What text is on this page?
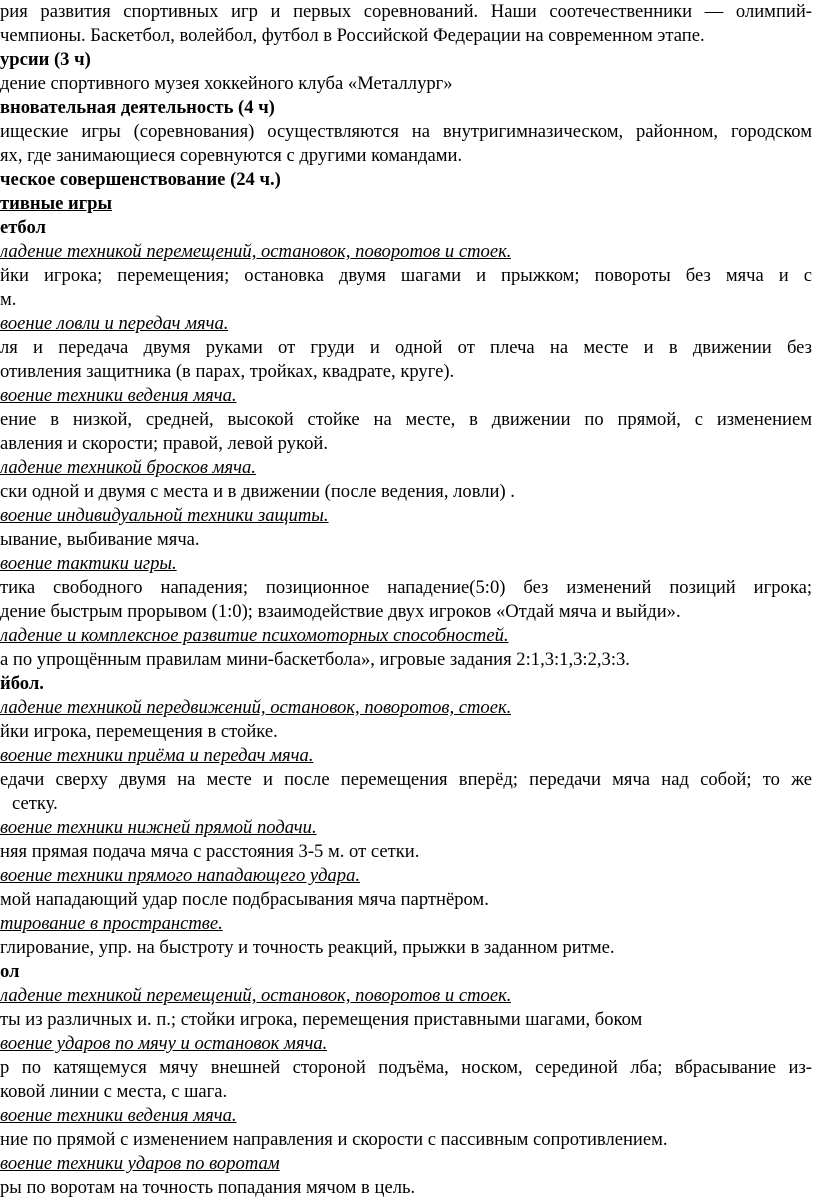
рия развития спортивных игр и первых соревнований. Наши соотечественники — олимпий-
чемпионы. Баскетбол, волейбол, футбол в Российской Федерации на современном этапе.
урсии (3 ч)
дение спортивного музея хоккейного клуба «Металлург»
вновательная деятельность (4 ч)
ищеские игры (соревнования) осуществляются на внутригимназическом, районном, городском
ях, где занимающиеся соревнуются с другими командами.
ческое совершенствование (24 ч.)
тивные игры
етбол
ладение техникой перемещений, остановок, поворотов и стоек.
йки игрока; перемещения; остановка двумя шагами и прыжком; повороты без мяча и с
м.
воение ловли и передач мяча.
ля и передача двумя руками от груди и одной от плеча на месте и в движении без
отивления защитника (в парах, тройках, квадрате, круге).
воение техники ведения мяча.
ение в низкой, средней, высокой стойке на месте, в движении по прямой, с изменением
авления и скорости; правой, левой рукой.
ладение техникой бросков мяча.
ски одной и двумя с места и в движении (после ведения, ловли) .
воение индивидуальной техники защиты.
ывание, выбивание мяча.
воение тактики игры.
тика свободного нападения; позиционное нападение(5:0) без изменений позиций игрока;
дение быстрым прорывом (1:0); взаимодействие двух игроков «Отдай мяча и выйди».
ладение и комплексное развитие психомоторных способностей.
а по упрощённым правилам мини-баскетбола», игровые задания 2:1,3:1,3:2,3:3.
йбол.
ладение техникой передвижений, остановок, поворотов, стоек.
йки игрока, перемещения в стойке.
воение техники приёма и передач мяча.
едачи сверху двумя на месте и после перемещения вперёд; передачи мяча над собой; то же
сетку.
воение техники нижней прямой подачи.
няя прямая подача мяча с расстояния 3-5 м. от сетки.
воение техники прямого нападающего удара.
мой нападающий удар после подбрасывания мяча партнёром.
тирование в пространстве.
глирование, упр. на быстроту и точность реакций, прыжки в заданном ритме.
ол
ладение техникой перемещений, остановок, поворотов и стоек.
ты из различных и. п.; стойки игрока, перемещения приставными шагами, боком
воение ударов по мячу и остановок мяча.
р по катящемуся мячу внешней стороной подъёма, носком, серединой лба; вбрасывание из-
ковой линии с места, с шага.
воение техники ведения мяча.
ние по прямой с изменением направления и скорости с пассивным сопротивлением.
воение техники ударов по воротам
ры по воротам на точность попадания мячом в цель.
